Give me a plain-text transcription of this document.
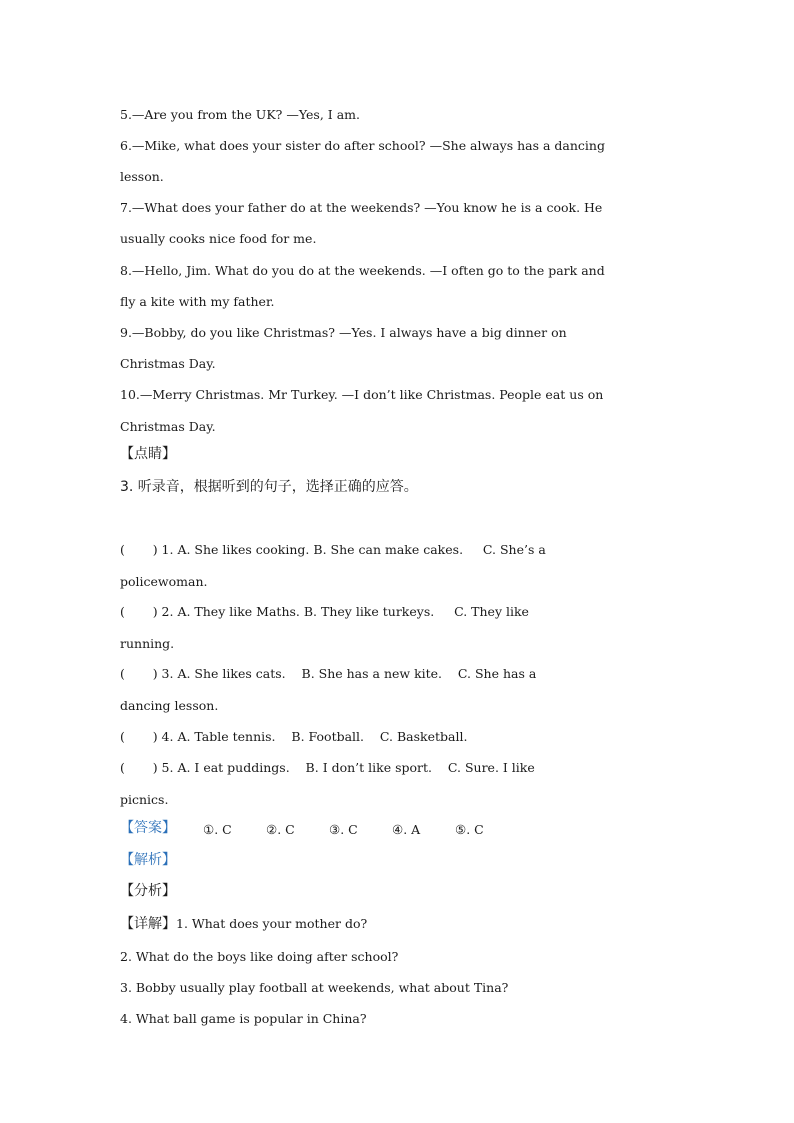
5.—Are you from the UK? —Yes, I am.
6.—Mike, what does your sister do after school? —She always has a dancing
lesson.
7.—What does your father do at the weekends? —You know he is a cook. He
usually cooks nice food for me.
8.—Hello, Jim. What do you do at the weekends. —I often go to the park and
fly a kite with my father.
9.—Bobby, do you like Christmas? —Yes. I always have a big dinner on
Christmas Day.
10.—Merry Christmas. Mr Turkey. —I don’t like Christmas. People eat us on
Christmas Day.
【点睛】
3. 听录音，根据听到的句子，选择正确的应答。
(       ) 1. A. She likes cooking. B. She can make cakes.     C. She’s a
policewoman.
(       ) 2. A. They like Maths. B. They like turkeys.     C. They like
running.
(       ) 3. A. She likes cats.    B. She has a new kite.    C. She has a
dancing lesson.
(       ) 4. A. Table tennis.    B. Football.    C. Basketball.
(       ) 5. A. I eat puddings.    B. I don’t like sport.    C. Sure. I like
picnics.
【答案】 ①. C	②. C	③. C	④. A	⑤. C
【解析】
【分析】
【详解】1. What does your mother do?
2. What do the boys like doing after school?
3. Bobby usually play football at weekends, what about Tina?
4. What ball game is popular in China?
